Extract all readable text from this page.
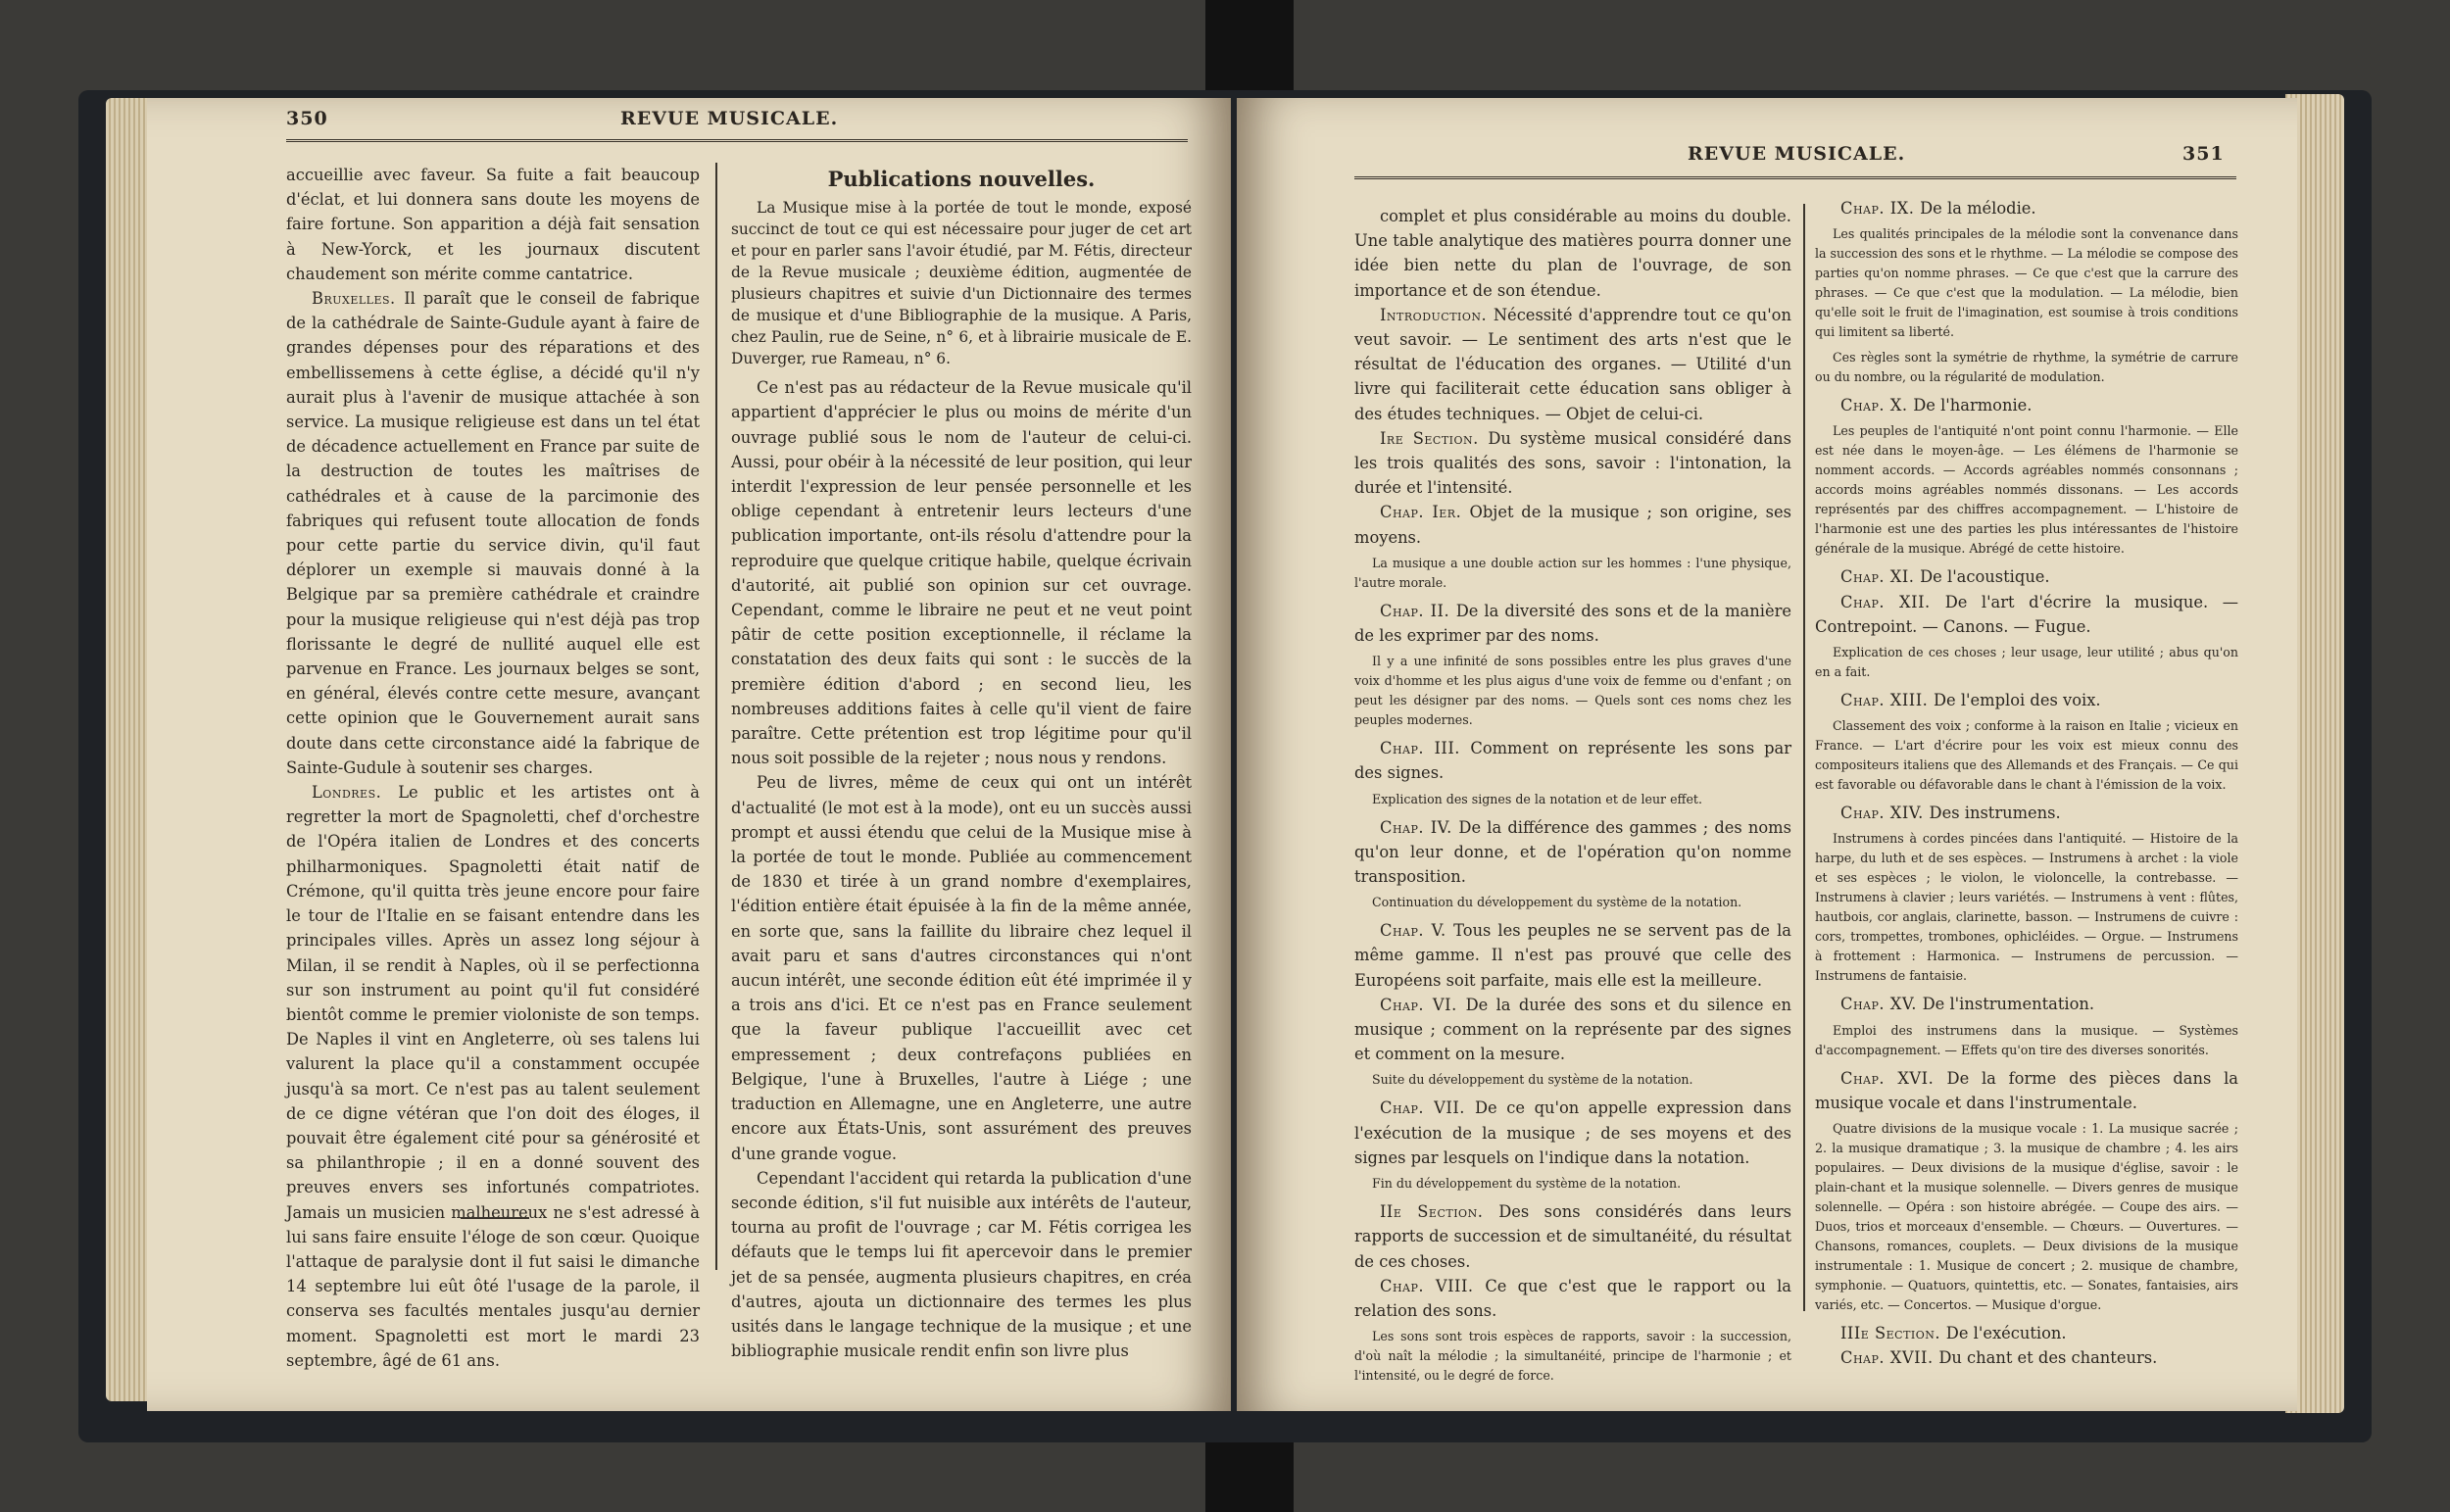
350	REVUE MUSICALE.

accueillie avec faveur. Sa fuite a fait beaucoup d'éclat, et lui donnera sans doute les moyens de faire fortune. Son apparition a déjà fait sensation à New-Yorck, et les journaux discutent chaudement son mérite comme cantatrice.

Bruxelles. Il paraît que le conseil de fabrique de la cathédrale de Sainte-Gudule ayant à faire de grandes dépenses pour des réparations et des embellissemens à cette église, a décidé qu'il n'y aurait plus à l'avenir de musique attachée à son service. La musique religieuse est dans un tel état de décadence actuellement en France par suite de la destruction de toutes les maîtrises de cathédrales et à cause de la parcimonie des fabriques qui refusent toute allocation de fonds pour cette partie du service divin, qu'il faut déplorer un exemple si mauvais donné à la Belgique par sa première cathédrale et craindre pour la musique religieuse qui n'est déjà pas trop florissante le degré de nullité auquel elle est parvenue en France. Les journaux belges se sont, en général, élevés contre cette mesure, avançant cette opinion que le Gouvernement aurait sans doute dans cette circonstance aidé la fabrique de Sainte-Gudule à soutenir ses charges.

Londres. Le public et les artistes ont à regretter la mort de Spagnoletti, chef d'orchestre de l'Opéra italien de Londres et des concerts philharmoniques. Spagnoletti était natif de Crémone, qu'il quitta très jeune encore pour faire le tour de l'Italie en se faisant entendre dans les principales villes. Après un assez long séjour à Milan, il se rendit à Naples, où il se perfectionna sur son instrument au point qu'il fut considéré bientôt comme le premier violoniste de son temps. De Naples il vint en Angleterre, où ses talens lui valurent la place qu'il a constamment occupée jusqu'à sa mort. Ce n'est pas au talent seulement de ce digne vétéran que l'on doit des éloges, il pouvait être également cité pour sa générosité et sa philanthropie ; il en a donné souvent des preuves envers ses infortunés compatriotes. Jamais un musicien malheureux ne s'est adressé à lui sans faire ensuite l'éloge de son cœur. Quoique l'attaque de paralysie dont il fut saisi le dimanche 14 septembre lui eût ôté l'usage de la parole, il conserva ses facultés mentales jusqu'au dernier moment. Spagnoletti est mort le mardi 23 septembre, âgé de 61 ans.

Publications nouvelles.

La Musique mise à la portée de tout le monde, exposé succinct de tout ce qui est nécessaire pour juger de cet art et pour en parler sans l'avoir étudié, par M. Fétis, directeur de la Revue musicale ; deuxième édition, augmentée de plusieurs chapitres et suivie d'un Dictionnaire des termes de musique et d'une Bibliographie de la musique. A Paris, chez Paulin, rue de Seine, n° 6, et à librairie musicale de E. Duverger, rue Rameau, n° 6.

Ce n'est pas au rédacteur de la Revue musicale qu'il appartient d'apprécier le plus ou moins de mérite d'un ouvrage publié sous le nom de l'auteur de celui-ci. Aussi, pour obéir à la nécessité de leur position, qui leur interdit l'expression de leur pensée personnelle et les oblige cependant à entretenir leurs lecteurs d'une publication importante, ont-ils résolu d'attendre pour la reproduire que quelque critique habile, quelque écrivain d'autorité, ait publié son opinion sur cet ouvrage. Cependant, comme le libraire ne peut et ne veut point pâtir de cette position exceptionnelle, il réclame la constatation des deux faits qui sont : le succès de la première édition d'abord ; en second lieu, les nombreuses additions faites à celle qu'il vient de faire paraître. Cette prétention est trop légitime pour qu'il nous soit possible de la rejeter ; nous nous y rendons.

Peu de livres, même de ceux qui ont un intérêt d'actualité (le mot est à la mode), ont eu un succès aussi prompt et aussi étendu que celui de la Musique mise à la portée de tout le monde. Publiée au commencement de 1830 et tirée à un grand nombre d'exemplaires, l'édition entière était épuisée à la fin de la même année, en sorte que, sans la faillite du libraire chez lequel il avait paru et sans d'autres circonstances qui n'ont aucun intérêt, une seconde édition eût été imprimée il y a trois ans d'ici. Et ce n'est pas en France seulement que la faveur publique l'accueillit avec cet empressement ; deux contrefaçons publiées en Belgique, l'une à Bruxelles, l'autre à Liége ; une traduction en Allemagne, une en Angleterre, une autre encore aux États-Unis, sont assurément des preuves d'une grande vogue.

Cependant l'accident qui retarda la publication d'une seconde édition, s'il fut nuisible aux intérêts de l'auteur, tourna au profit de l'ouvrage ; car M. Fétis corrigea les défauts que le temps lui fit apercevoir dans le premier jet de sa pensée, augmenta plusieurs chapitres, en créa d'autres, ajouta un dictionnaire des termes les plus usités dans le langage technique de la musique ; et une bibliographie musicale rendit enfin son livre plus

REVUE MUSICALE.	351

complet et plus considérable au moins du double. Une table analytique des matières pourra donner une idée bien nette du plan de l'ouvrage, de son importance et de son étendue.

Introduction. Nécessité d'apprendre tout ce qu'on veut savoir. — Le sentiment des arts n'est que le résultat de l'éducation des organes. — Utilité d'un livre qui faciliterait cette éducation sans obliger à des études techniques. — Objet de celui-ci.

Ire Section. Du système musical considéré dans les trois qualités des sons, savoir : l'intonation, la durée et l'intensité.

Chap. Ier. Objet de la musique ; son origine, ses moyens.

La musique a une double action sur les hommes : l'une physique, l'autre morale.

Chap. II. De la diversité des sons et de la manière de les exprimer par des noms.

Il y a une infinité de sons possibles entre les plus graves d'une voix d'homme et les plus aigus d'une voix de femme ou d'enfant ; on peut les désigner par des noms. — Quels sont ces noms chez les peuples modernes.

Chap. III. Comment on représente les sons par des signes.

Explication des signes de la notation et de leur effet.

Chap. IV. De la différence des gammes ; des noms qu'on leur donne, et de l'opération qu'on nomme transposition.

Continuation du développement du système de la notation.

Chap. V. Tous les peuples ne se servent pas de la même gamme. Il n'est pas prouvé que celle des Européens soit parfaite, mais elle est la meilleure.

Chap. VI. De la durée des sons et du silence en musique ; comment on la représente par des signes et comment on la mesure.

Suite du développement du système de la notation.

Chap. VII. De ce qu'on appelle expression dans l'exécution de la musique ; de ses moyens et des signes par lesquels on l'indique dans la notation.

Fin du développement du système de la notation.

IIe Section. Des sons considérés dans leurs rapports de succession et de simultanéité, du résultat de ces choses.

Chap. VIII. Ce que c'est que le rapport ou la relation des sons.

Les sons sont trois espèces de rapports, savoir : la succession, d'où naît la mélodie ; la simultanéité, principe de l'harmonie ; et l'intensité, ou le degré de force.

Chap. IX. De la mélodie.

Les qualités principales de la mélodie sont la convenance dans la succession des sons et le rhythme. — La mélodie se compose des parties qu'on nomme phrases. — Ce que c'est que la carrure des phrases. — Ce que c'est que la modulation. — La mélodie, bien qu'elle soit le fruit de l'imagination, est soumise à trois conditions qui limitent sa liberté.

Ces règles sont la symétrie de rhythme, la symétrie de carrure ou du nombre, ou la régularité de modulation.

Chap. X. De l'harmonie.

Les peuples de l'antiquité n'ont point connu l'harmonie. — Elle est née dans le moyen-âge. — Les élémens de l'harmonie se nomment accords. — Accords agréables nommés consonnans ; accords moins agréables nommés dissonans. — Les accords représentés par des chiffres accompagnement. — L'histoire de l'harmonie est une des parties les plus intéressantes de l'histoire générale de la musique. Abrégé de cette histoire.

Chap. XI. De l'acoustique.

Chap. XII. De l'art d'écrire la musique. — Contrepoint. — Canons. — Fugue.

Explication de ces choses ; leur usage, leur utilité ; abus qu'on en a fait.

Chap. XIII. De l'emploi des voix.

Classement des voix ; conforme à la raison en Italie ; vicieux en France. — L'art d'écrire pour les voix est mieux connu des compositeurs italiens que des Allemands et des Français. — Ce qui est favorable ou défavorable dans le chant à l'émission de la voix.

Chap. XIV. Des instrumens.

Instrumens à cordes pincées dans l'antiquité. — Histoire de la harpe, du luth et de ses espèces. — Instrumens à archet : la viole et ses espèces ; le violon, le violoncelle, la contrebasse. — Instrumens à clavier ; leurs variétés. — Instrumens à vent : flûtes, hautbois, cor anglais, clarinette, basson. — Instrumens de cuivre : cors, trompettes, trombones, ophicléides. — Orgue. — Instrumens à frottement : Harmonica. — Instrumens de percussion. — Instrumens de fantaisie.

Chap. XV. De l'instrumentation.

Emploi des instrumens dans la musique. — Systèmes d'accompagnement. — Effets qu'on tire des diverses sonorités.

Chap. XVI. De la forme des pièces dans la musique vocale et dans l'instrumentale.

Quatre divisions de la musique vocale : 1. La musique sacrée ; 2. la musique dramatique ; 3. la musique de chambre ; 4. les airs populaires. — Deux divisions de la musique d'église, savoir : le plain-chant et la musique solennelle. — Divers genres de musique solennelle. — Opéra : son histoire abrégée. — Coupe des airs. — Duos, trios et morceaux d'ensemble. — Chœurs. — Ouvertures. — Chansons, romances, couplets. — Deux divisions de la musique instrumentale : 1. Musique de concert ; 2. musique de chambre, symphonie. — Quatuors, quintettis, etc. — Sonates, fantaisies, airs variés, etc. — Concertos. — Musique d'orgue.

IIIe Section. De l'exécution.

Chap. XVII. Du chant et des chanteurs.
